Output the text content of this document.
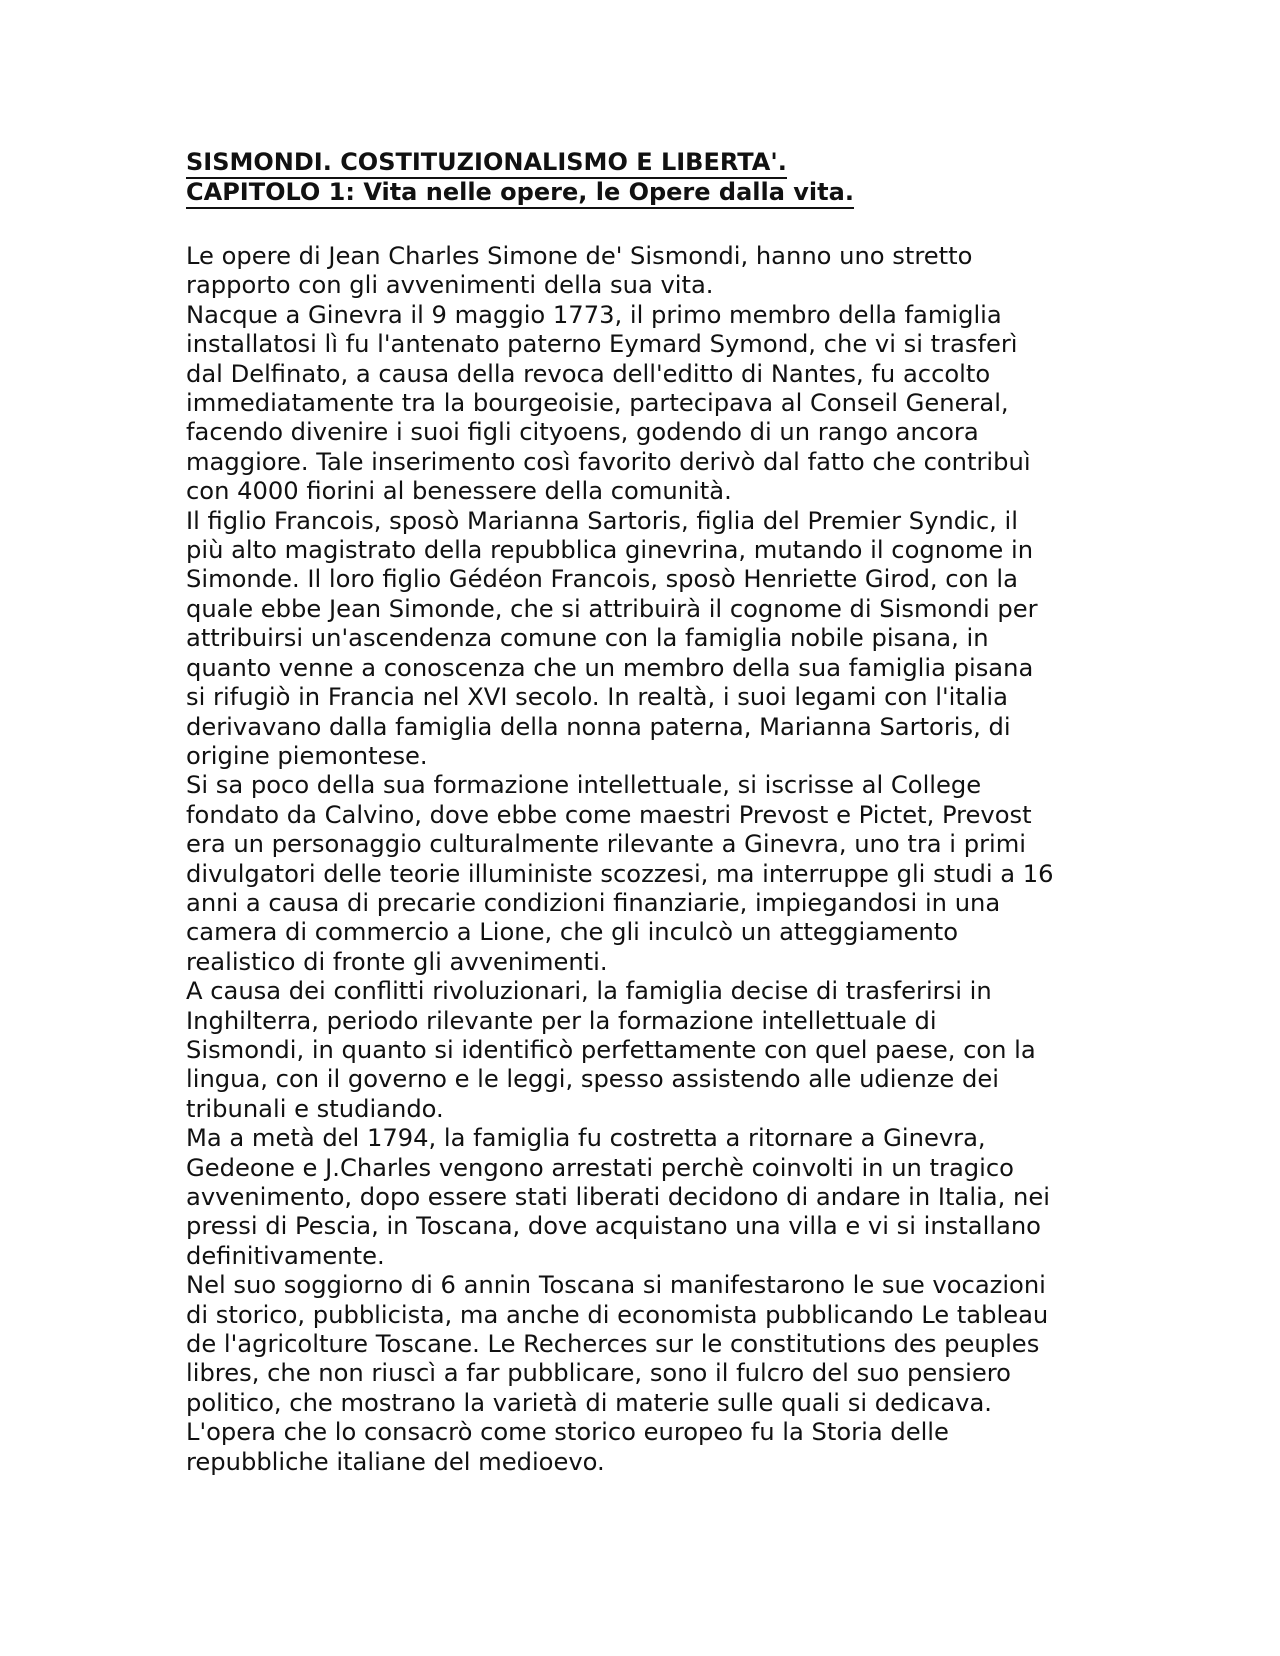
SISMONDI. COSTITUZIONALISMO E LIBERTA'.
CAPITOLO 1: Vita nelle opere, le Opere dalla vita.

Le opere di Jean Charles Simone de' Sismondi, hanno uno stretto

rapporto con gli avvenimenti della sua vita.

Nacque a Ginevra il 9 maggio 1773, il primo membro della famiglia

installatosi lì fu l'antenato paterno Eymard Symond, che vi si trasferì

dal Delfinato, a causa della revoca dell'editto di Nantes, fu accolto

immediatamente tra la bourgeoisie, partecipava al Conseil General,

facendo divenire i suoi figli cityoens, godendo di un rango ancora

maggiore. Tale inserimento così favorito derivò dal fatto che contribuì

con 4000 fiorini al benessere della comunità.

Il figlio Francois, sposò Marianna Sartoris, figlia del Premier Syndic, il

più alto magistrato della repubblica ginevrina, mutando il cognome in

Simonde. Il loro figlio Gédéon Francois, sposò Henriette Girod, con la

quale ebbe Jean Simonde, che si attribuirà il cognome di Sismondi per

attribuirsi un'ascendenza comune con la famiglia nobile pisana, in

quanto venne a conoscenza che un membro della sua famiglia pisana

si rifugiò in Francia nel XVI secolo. In realtà, i suoi legami con l'italia

derivavano dalla famiglia della nonna paterna, Marianna Sartoris, di

origine piemontese.

Si sa poco della sua formazione intellettuale, si iscrisse al College

fondato da Calvino, dove ebbe come maestri Prevost e Pictet, Prevost

era un personaggio culturalmente rilevante a Ginevra, uno tra i primi

divulgatori delle teorie illuministe scozzesi, ma interruppe gli studi a 16

anni a causa di precarie condizioni finanziarie, impiegandosi in una

camera di commercio a Lione, che gli inculcò un atteggiamento

realistico di fronte gli avvenimenti.

A causa dei conflitti rivoluzionari, la famiglia decise di trasferirsi in

Inghilterra, periodo rilevante per la formazione intellettuale di

Sismondi, in quanto si identificò perfettamente con quel paese, con la

lingua, con il governo e le leggi, spesso assistendo alle udienze dei

tribunali e studiando.

Ma a metà del 1794, la famiglia fu costretta a ritornare a Ginevra,

Gedeone e J.Charles vengono arrestati perchè coinvolti in un tragico

avvenimento, dopo essere stati liberati decidono di andare in Italia, nei

pressi di Pescia, in Toscana, dove acquistano una villa e vi si installano

definitivamente.

Nel suo soggiorno di 6 annin Toscana si manifestarono le sue vocazioni

di storico, pubblicista, ma anche di economista pubblicando Le tableau

de l'agricolture Toscane. Le Recherces sur le constitutions des peuples

libres, che non riuscì a far pubblicare, sono il fulcro del suo pensiero

politico, che mostrano la varietà di materie sulle quali si dedicava.

L'opera che lo consacrò come storico europeo fu la Storia delle

repubbliche italiane del medioevo.
